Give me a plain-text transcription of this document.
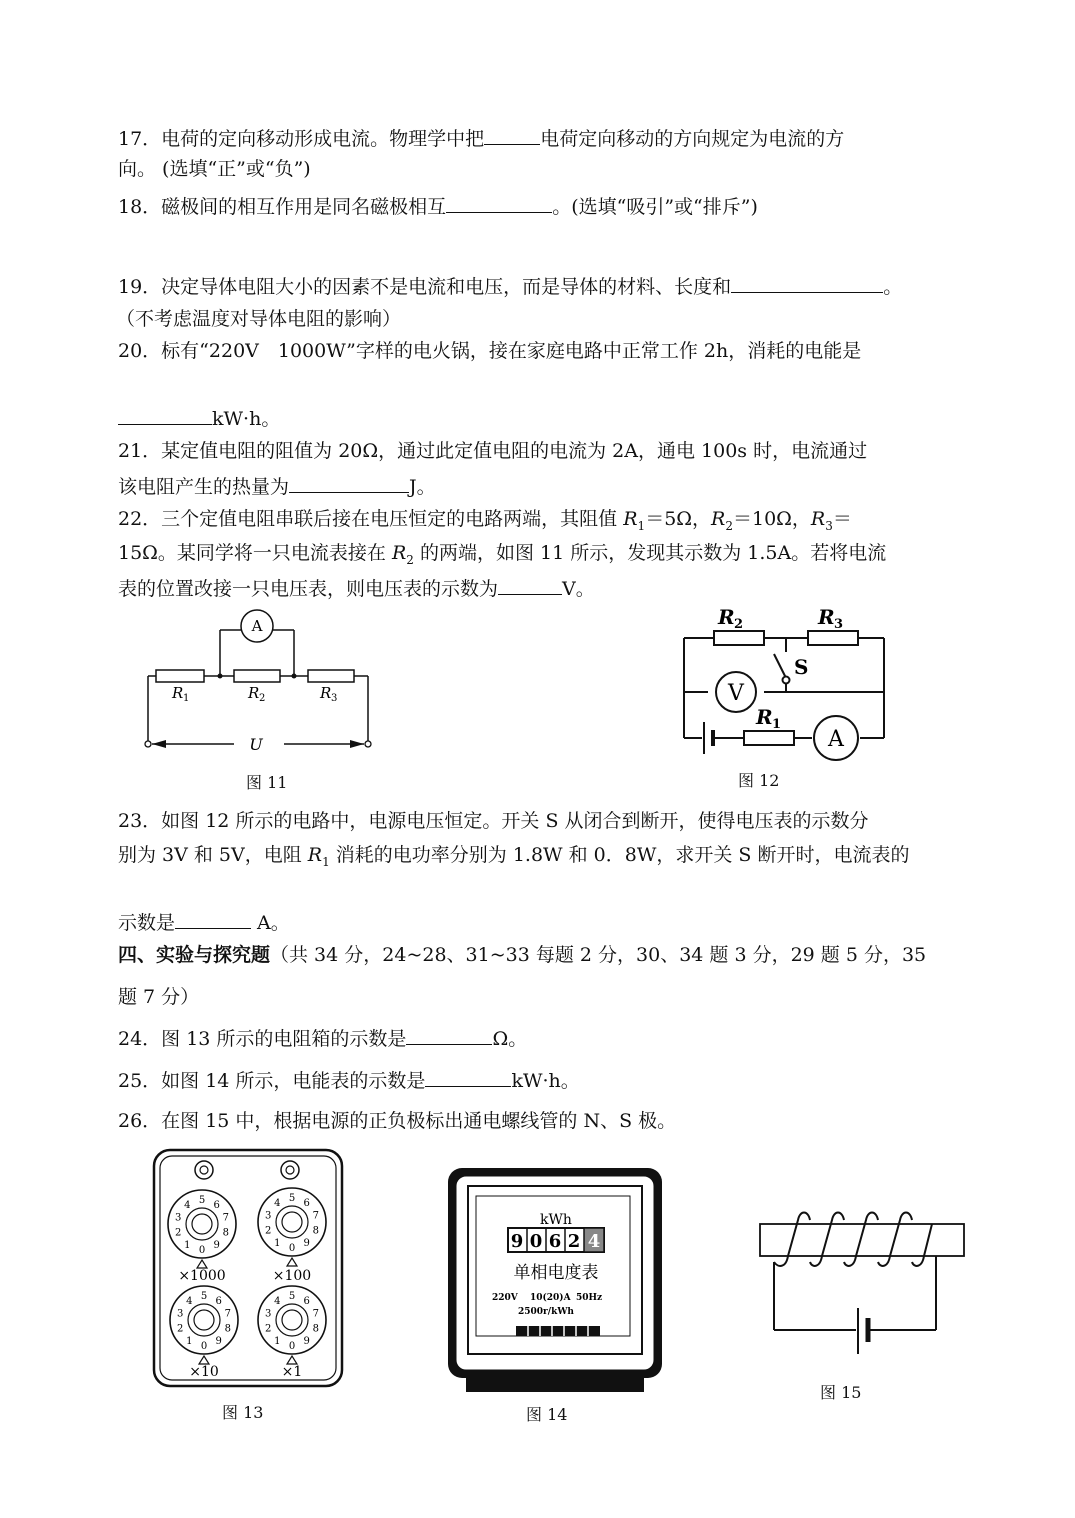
17．电荷的定向移动形成电流。物理学中把	电荷定向移动的方向规定为电流的方
向。 (选填“正”或“负”)
18．磁极间的相互作用是同名磁极相互	。(选填“吸引”或“排斥”)
19．决定导体电阻大小的因素不是电流和电压，而是导体的材料、长度和	。
（不考虑温度对导体电阻的影响）
20．标有“220V　1000W”字样的电火锅，接在家庭电路中正常工作 2h，消耗的电能是
kW·h。
21．某定值电阻的阻值为 20Ω，通过此定值电阻的电流为 2A，通电 100s 时，电流通过
该电阻产生的热量为	J。
22．三个定值电阻串联后接在电压恒定的电路两端，其阻值 $R_1=5\Omega$，$R_2=10\Omega$，$R_3=$
15Ω。某同学将一只电流表接在 $R_2$ 的两端，如图 11 所示，发现其示数为 1.5A。若将电流
表的位置改接一只电压表，则电压表的示数为	V。
A
R 1	R 2	R 3
U
图 11
V
A
R 2	R 3
S
R 1
图 12
23．如图 12 所示的电路中，电源电压恒定。开关 S 从闭合到断开，使得电压表的示数分
别为 3V 和 5V，电阻 $R_1$ 消耗的电功率分别为 1.8W 和 0．8W，求开关 S 断开时，电流表的
示数是	A。
四、实验与探究题（共 34 分，24~28、31~33 每题 2 分，30、34 题 3 分，29 题 5 分，35
题 7 分）
24．图 13 所示的电阻箱的示数是	Ω。
25．如图 14 所示，电能表的示数是	kW·h。
26．在图 15 中，根据电源的正负极标出通电螺线管的 N、S 极。
0
1
2
3
4 5 6
7
8
9	0
1
2
3
4 5 6
7
8
9
0
1
2
3
4 5 6
7
8
9	0
1
2
3
4 5 6
7
8
9
×1000	×100
×10	×1
图 13
kWh
9 0 6 2 4
单相电度表
220V 10(20)A 50Hz
2500r/kWh
图 14
图 15
